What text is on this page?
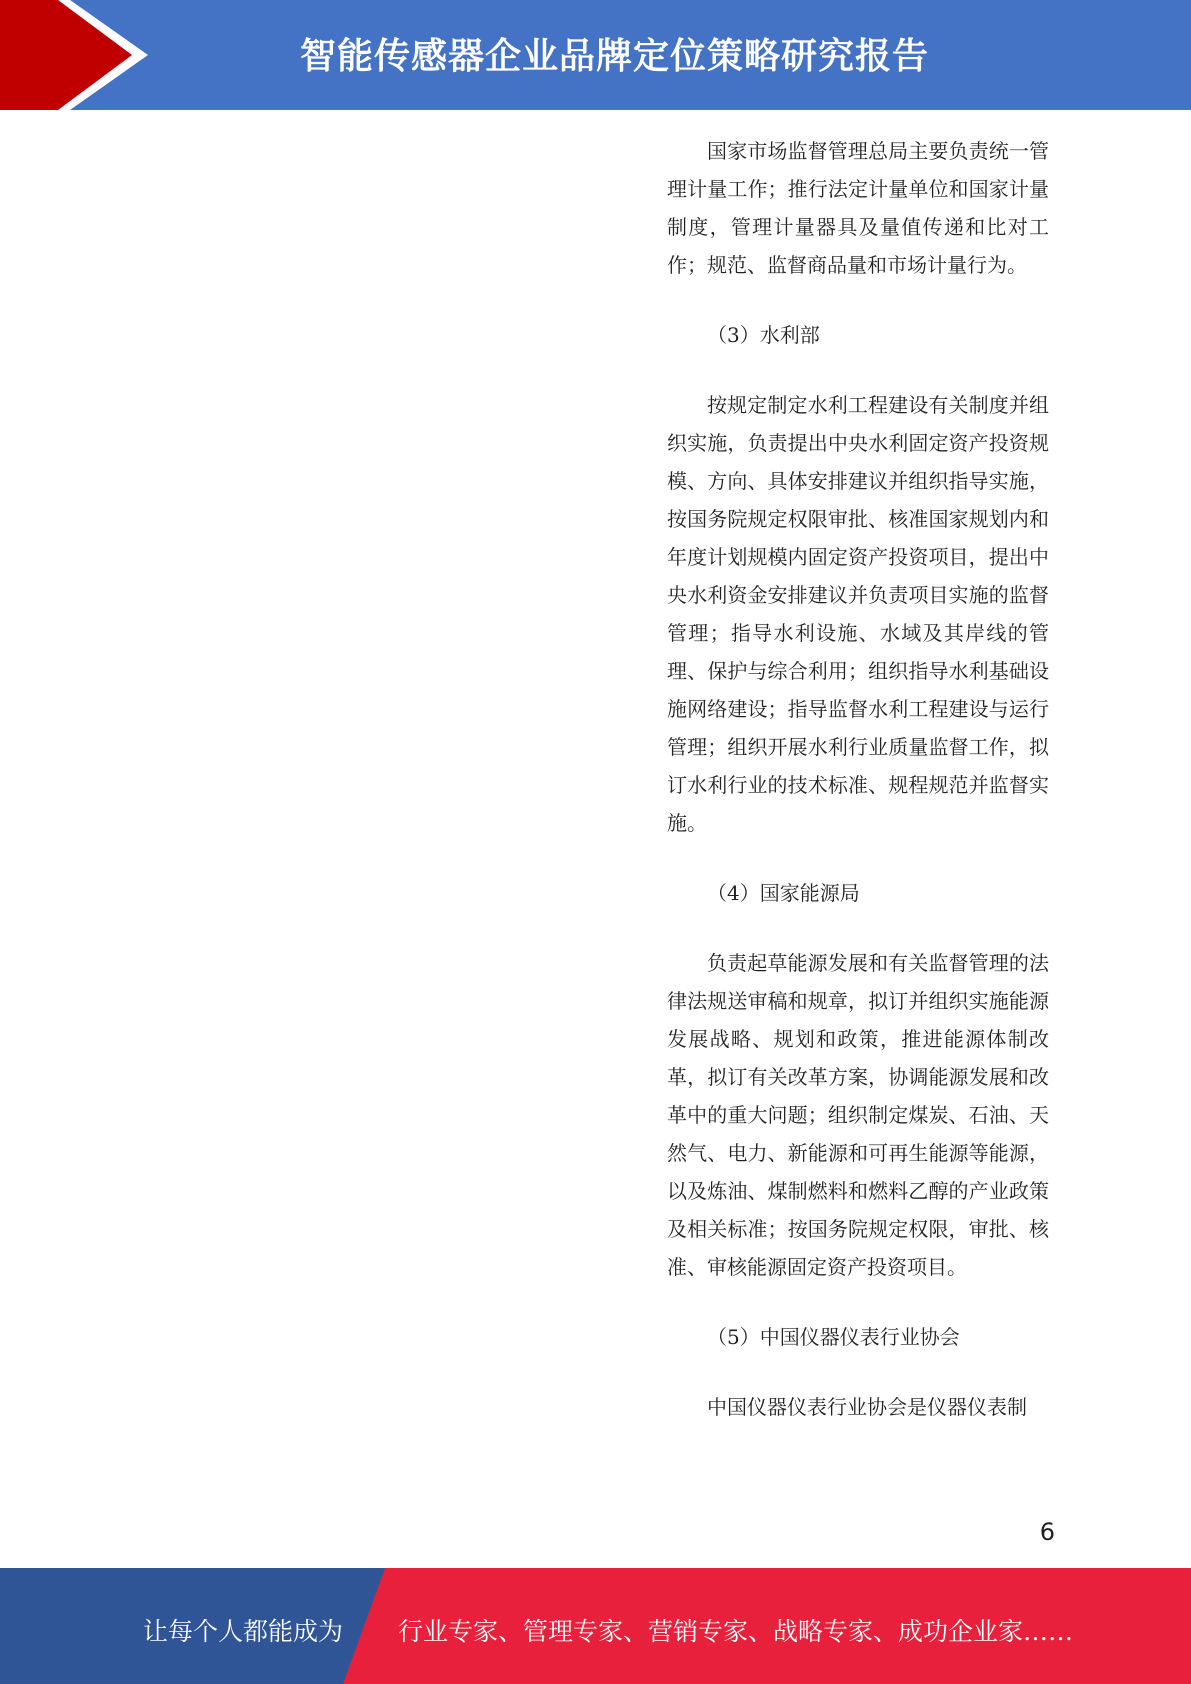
智能传感器企业品牌定位策略研究报告

国家市场监督管理总局主要负责统一管理计量工作；推行法定计量单位和国家计量制度，管理计量器具及量值传递和比对工作；规范、监督商品量和市场计量行为。

（3）水利部

按规定制定水利工程建设有关制度并组织实施，负责提出中央水利固定资产投资规模、方向、具体安排建议并组织指导实施，按国务院规定权限审批、核准国家规划内和年度计划规模内固定资产投资项目，提出中央水利资金安排建议并负责项目实施的监督管理；指导水利设施、水域及其岸线的管理、保护与综合利用；组织指导水利基础设施网络建设；指导监督水利工程建设与运行管理；组织开展水利行业质量监督工作，拟订水利行业的技术标准、规程规范并监督实施。

（4）国家能源局

负责起草能源发展和有关监督管理的法律法规送审稿和规章，拟订并组织实施能源发展战略、规划和政策，推进能源体制改革，拟订有关改革方案，协调能源发展和改革中的重大问题；组织制定煤炭、石油、天然气、电力、新能源和可再生能源等能源，以及炼油、煤制燃料和燃料乙醇的产业政策及相关标准；按国务院规定权限，审批、核准、审核能源固定资产投资项目。

（5）中国仪器仪表行业协会

中国仪器仪表行业协会是仪器仪表制

6
让每个人都能成为 行业专家、管理专家、营销专家、战略专家、成功企业家……
